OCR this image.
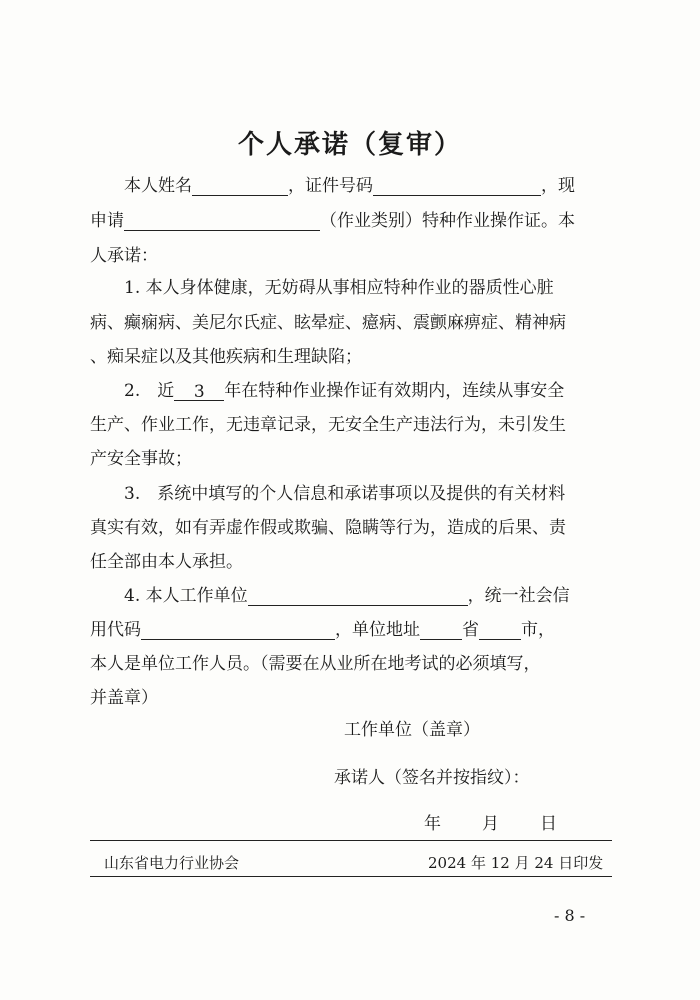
个人承诺（复审）
本人姓名	，证件号码	，现
申请	（作业类别）特种作业操作证。本
人承诺：
1. 本人身体健康，无妨碍从事相应特种作业的器质性心脏
病、癫痫病、美尼尔氏症、眩晕症、癔病、震颤麻痹症、精神病
、痴呆症以及其他疾病和生理缺陷；
2.　近 3 年在特种作业操作证有效期内，连续从事安全
生产、作业工作，无违章记录，无安全生产违法行为，未引发生
产安全事故；
3.　系统中填写的个人信息和承诺事项以及提供的有关材料
真实有效，如有弄虚作假或欺骗、隐瞒等行为，造成的后果、责
任全部由本人承担。
4. 本人工作单位	，统一社会信
用代码	，单位地址 省 市，
本人是单位工作人员。（需要在从业所在地考试的必须填写，
并盖章）
工作单位（盖章）
承诺人（签名并按指纹）：
年	月	日
山东省电力行业协会	2024 年 12 月 24 日印发
- 8 -
